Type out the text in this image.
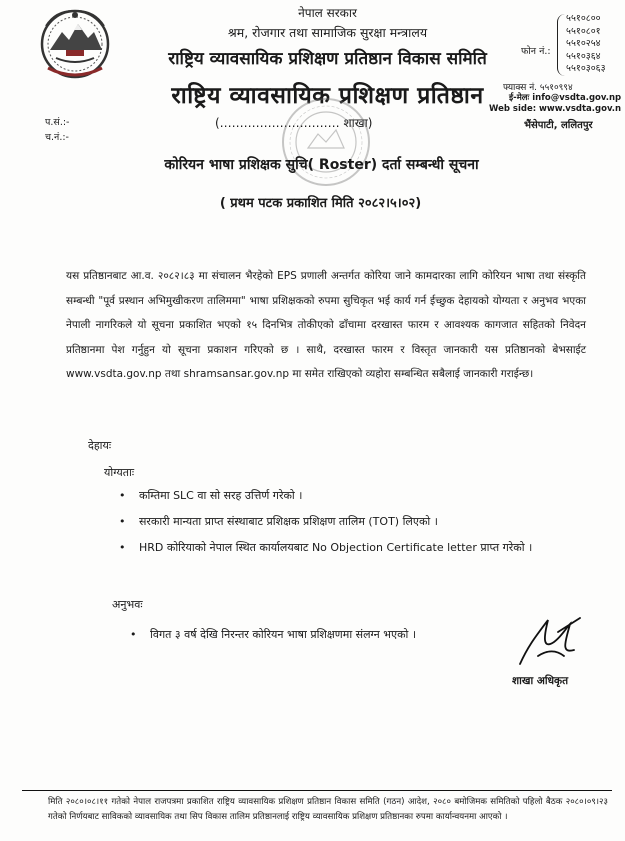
नेपाल सरकार
श्रम, रोजगार तथा सामाजिक सुरक्षा मन्त्रालय
राष्ट्रिय व्यावसायिक प्रशिक्षण प्रतिष्ठान विकास समिति
राष्ट्रिय व्यावसायिक प्रशिक्षण प्रतिष्ठान
(………………………… शाखा)
फोन नं.:
५५१०८००
५५१०८०१
५५१०२५४
५५१०३६४
५५१०३०६३
फ्याक्स नं. ५५१०९९४
ई-मेलः info@vsdta.gov.np
Web side: www.vsdta.gov.n
भैंसेपाटी, ललितपुर
प.सं.:-
च.नं.:-
कोरियन भाषा प्रशिक्षक सुचि( Roster) दर्ता सम्बन्धी सूचना
( प्रथम पटक प्रकाशित मिति २०८२।५।०२)

यस प्रतिष्ठानबाट आ.व. २०८२।८३ मा संचालन भैरहेको EPS प्रणाली अन्तर्गत कोरिया जाने कामदारका लागि कोरियन भाषा तथा संस्कृति सम्बन्धी "पूर्व प्रस्थान अभिमुखीकरण तालिममा" भाषा प्रशिक्षकको रुपमा सुचिकृत भई कार्य गर्न ईच्छुक देहायको योग्यता र अनुभव भएका नेपाली नागरिकले यो सूचना प्रकाशित भएको १५ दिनभित्र तोकीएको ढाँचामा दरखास्त फारम र आवश्यक कागजात सहितको निवेदन प्रतिष्ठानमा पेश गर्नुहुन यो सूचना प्रकाशन गरिएको छ । साथै, दरखास्त फारम र विस्तृत जानकारी यस प्रतिष्ठानको बेभसाईट www.vsdta.gov.np तथा shramsansar.gov.np मा समेत राखिएको व्यहोरा सम्बन्धित सबैलाई जानकारी गराईन्छ।

देहायः
योग्यताः
• कम्तिमा SLC वा सो सरह उत्तिर्ण गरेको ।
• सरकारी मान्यता प्राप्त संस्थाबाट प्रशिक्षक प्रशिक्षण तालिम (TOT) लिएको ।
• HRD कोरियाको नेपाल स्थित कार्यालयबाट No Objection Certificate letter प्राप्त गरेको ।
अनुभवः
• विगत ३ वर्ष देखि निरन्तर कोरियन भाषा प्रशिक्षणमा संलग्न भएको ।
शाखा अधिकृत
मिति २०८०।०८।११ गतेको नेपाल राजपत्रमा प्रकाशित राष्ट्रिय व्यावसायिक प्रशिक्षण प्रतिष्ठान विकास समिति (गठन) आदेश, २०८० बमोजिमक समितिको पहिलो बैठक २०८०।०९।२३ गतेको निर्णयबाट साविकको व्यावसायिक तथा सिप विकास तालिम प्रतिष्ठानलाई राष्ट्रिय व्यावसायिक प्रशिक्षण प्रतिष्ठानका रुपमा कार्यान्वयनमा आएको ।
